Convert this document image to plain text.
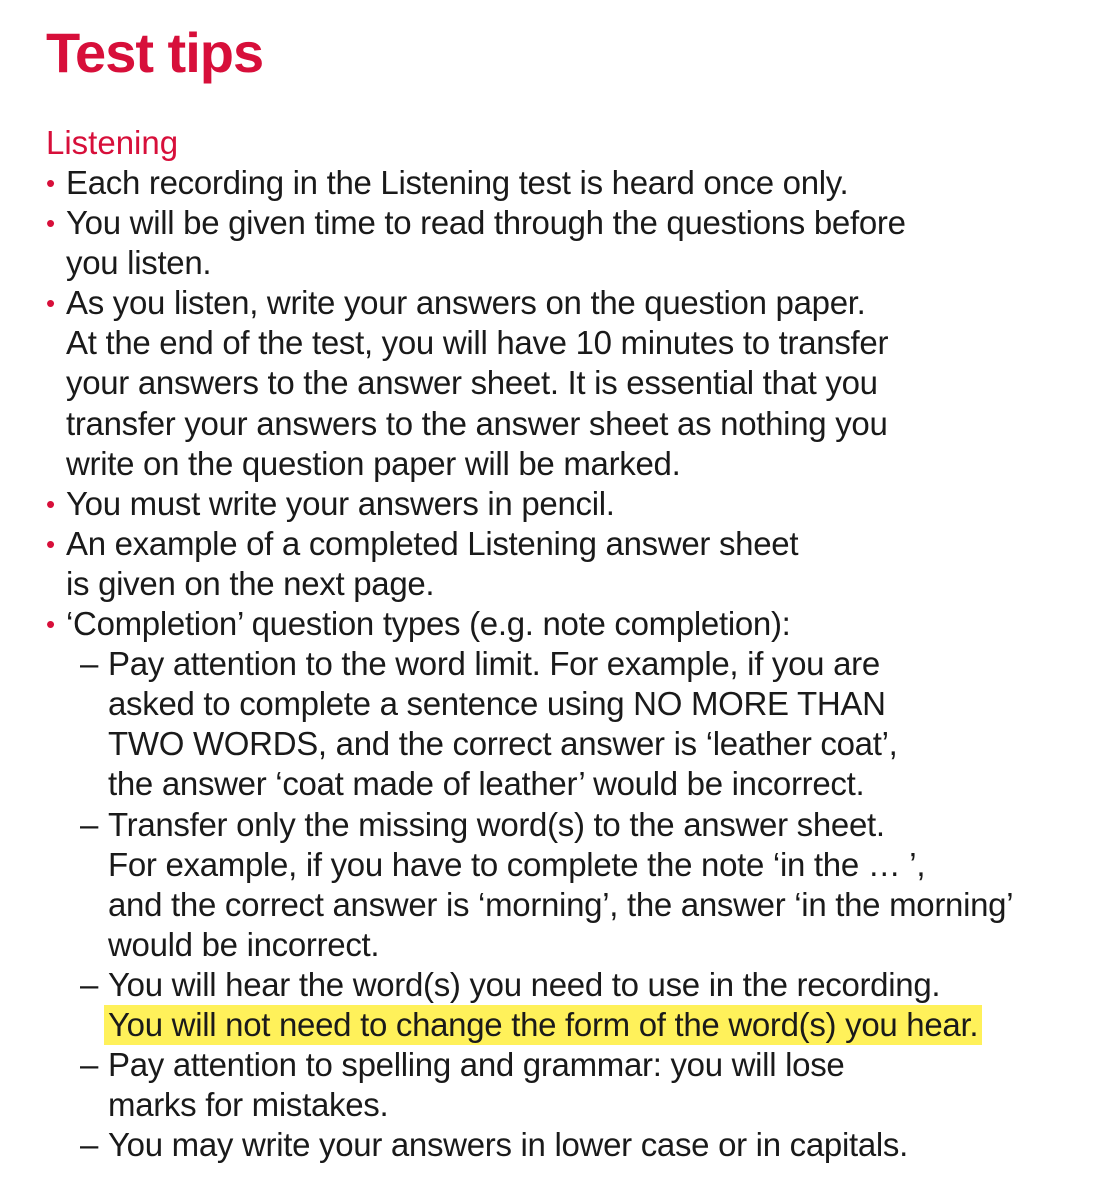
Test tips
Listening
• Each recording in the Listening test is heard once only.
• You will be given time to read through the questions before
you listen.
• As you listen, write your answers on the question paper.
At the end of the test, you will have 10 minutes to transfer
your answers to the answer sheet. It is essential that you
transfer your answers to the answer sheet as nothing you
write on the question paper will be marked.
• You must write your answers in pencil.
• An example of a completed Listening answer sheet
is given on the next page.
• ‘Completion’ question types (e.g. note completion):
– Pay attention to the word limit. For example, if you are
asked to complete a sentence using NO MORE THAN
TWO WORDS, and the correct answer is ‘leather coat’,
the answer ‘coat made of leather’ would be incorrect.
– Transfer only the missing word(s) to the answer sheet.
For example, if you have to complete the note ‘in the … ’,
and the correct answer is ‘morning’, the answer ‘in the morning’
would be incorrect.
– You will hear the word(s) you need to use in the recording.
You will not need to change the form of the word(s) you hear.
– Pay attention to spelling and grammar: you will lose
marks for mistakes.
– You may write your answers in lower case or in capitals.
